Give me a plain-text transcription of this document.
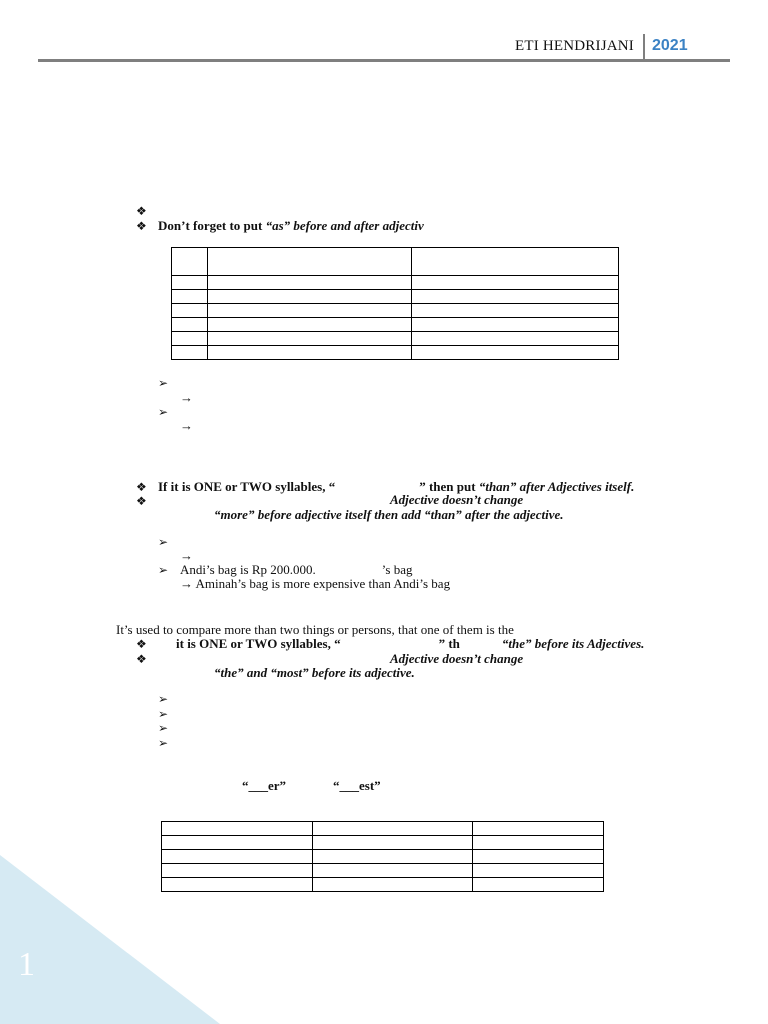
ETI HENDRIJANI 2021
❖
❖ Don’t forget to put “as” before and after adjectiv

➢
→
➢
→
❖ If it is ONE or TWO syllables, “	” then put “than” after Adjectives itself.
❖	Adjective doesn’t change
“more” before adjective itself then add “than” after the adjective.
➢
→
➢ Andi’s bag is Rp 200.000.	’s bag
→ Aminah’s bag is more expensive than Andi’s bag
It’s used to compare more than two things or persons, that one of them is the
❖ it is ONE or TWO syllables, “	” th	“the” before its Adjectives.
❖	Adjective doesn’t change
“the” and “most” before its adjective.
➢
➢
➢
➢
“___er”	“___est”

1
